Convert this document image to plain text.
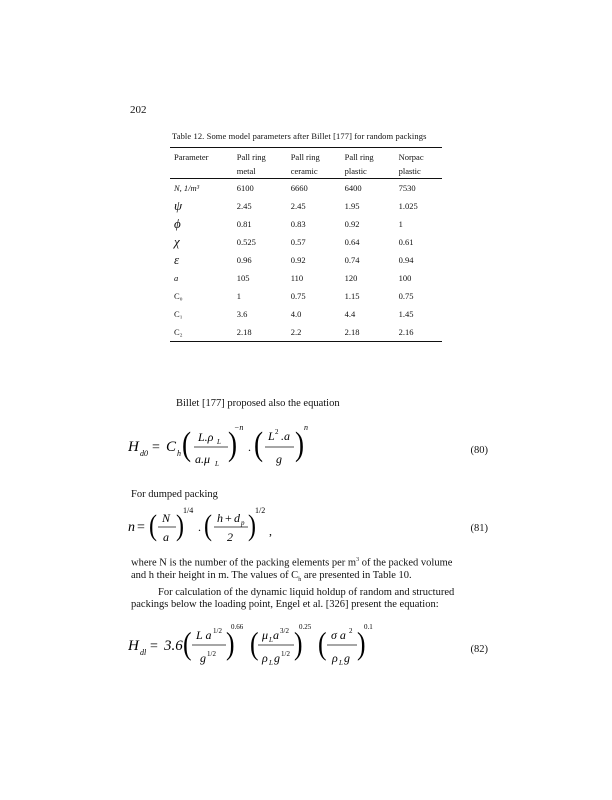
202
Table 12. Some model parameters after Billet [177] for random packings
Parameter	Pall ring	Pall ring	Pall ring	Norpac
	metal	ceramic	plastic	plastic
N, 1/m³	6100	6660	6400	7530
ψ	2.45	2.45	1.95	1.025
ϕ	0.81	0.83	0.92	1
χ	0.525	0.57	0.64	0.61
ε	0.96	0.92	0.74	0.94
a	105	110	120	100
C₀	1	0.75	1.15	0.75
C₁	3.6	4.0	4.4	1.45
C₂	2.18	2.2	2.18	2.16
Billet [177] proposed also the equation
H d0 = C h ( L.ρ L
a.μ L
)
−n
. ( L 2 .a
g ) n
(80)
For dumped packing
n = ( N
a ) 1/4
. ( h + d p
2 ) 1/2
,	(81)
where N is the number of the packing elements per $m^3$ of the packed volume
and h their height in m. The values of $C_h$ are presented in Table 10.
For calculation of the dynamic liquid holdup of random and structured
packings below the loading point, Engel et al. [326] present the equation:
H dl = 3.6 ( L a 1/2
g 1/2 )
0.66 ( μ L a 3/2
ρ L g 1/2 )
0.25 ( σ a 2
ρ L g )
0.1
(82)
